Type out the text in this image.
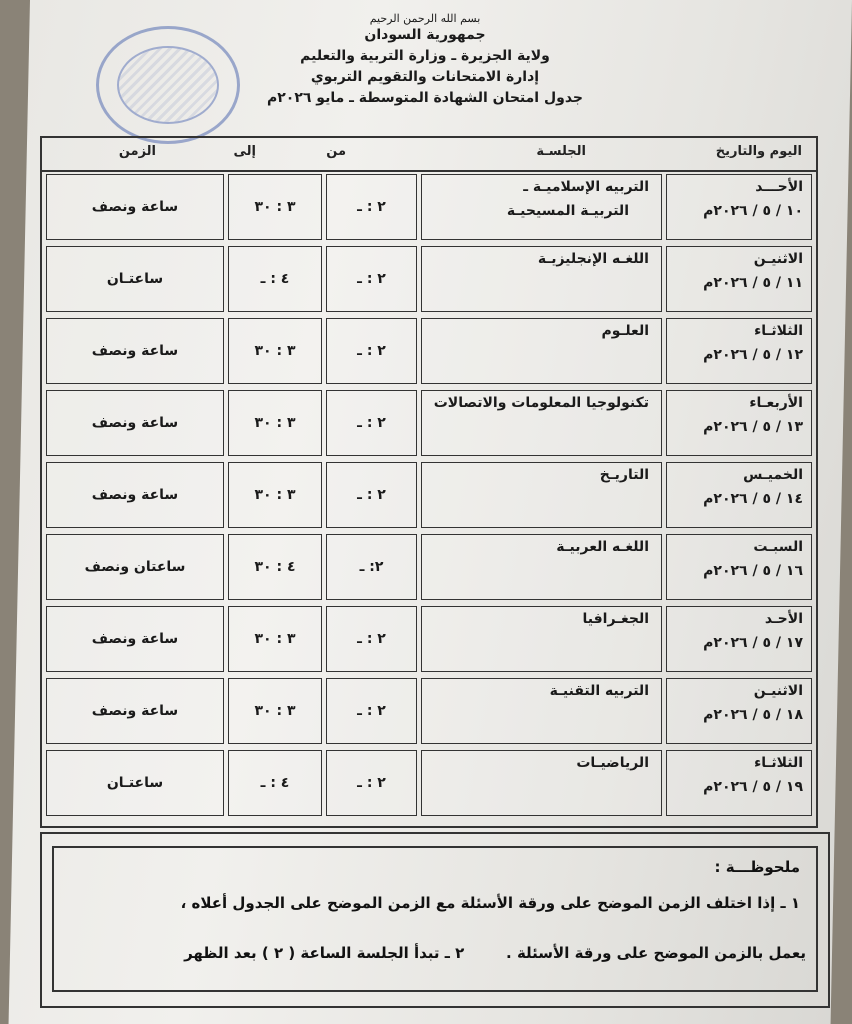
بسم الله الرحمن الرحيم
جمهورية السودان
ولاية الجزيرة ـ وزارة التربية والتعليم
إدارة الامتحانات والتقويم التربوي
جدول امتحان الشهادة المتوسطة ـ مايو ٢٠٢٦م
اليوم والتاريخ
الجلسـة
من
إلى
الزمن
الأحـــد
١٠ / ٥ / ٢٠٢٦م
التربيه الإسلاميـة ـ
التربيـة المسيحيـة
٢ : ـ
٣ : ٣٠
ساعة ونصف
الاثنيـن
١١ / ٥ / ٢٠٢٦م
اللغـه الإنجليزيـة
٢ : ـ
٤ : ـ
ساعتـان
الثلاثـاء
١٢ / ٥ / ٢٠٢٦م
العلـوم
٢ : ـ
٣ : ٣٠
ساعة ونصف
الأربعـاء
١٣ / ٥ / ٢٠٢٦م
تكنولوجيا المعلومات والاتصالات
٢ : ـ
٣ : ٣٠
ساعة ونصف
الخميـس
١٤ / ٥ / ٢٠٢٦م
التاريـخ
٢ : ـ
٣ : ٣٠
ساعة ونصف
السبـت
١٦ / ٥ / ٢٠٢٦م
اللغـه العربيـة
٢: ـ
٤ : ٣٠
ساعتان ونصف
الأحـد
١٧ / ٥ / ٢٠٢٦م
الجغـرافيا
٢ : ـ
٣ : ٣٠
ساعة ونصف
الاثنيـن
١٨ / ٥ / ٢٠٢٦م
التربيه التقنيـة
٢ : ـ
٣ : ٣٠
ساعة ونصف
الثلاثـاء
١٩ / ٥ / ٢٠٢٦م
الرياضيـات
٢ : ـ
٤ : ـ
ساعتـان
ملحوظـــة :
١ ـ إذا اختلف الزمن الموضح على ورقة الأسئلة مع الزمن الموضح على الجدول أعلاه ،
يعمل بالزمن الموضح على ورقة الأسئلة .        ٢ ـ تبدأ الجلسة الساعة ( ٢ ) بعد الظهر
